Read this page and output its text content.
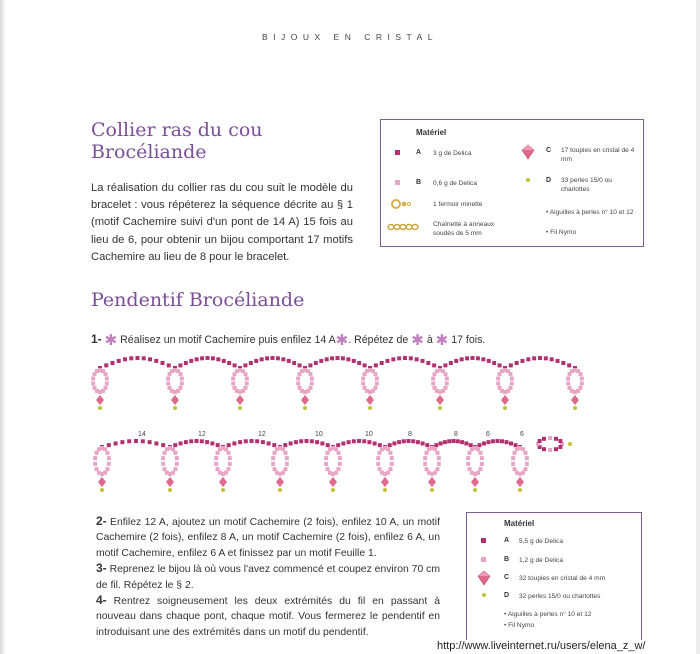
BIJOUX EN CRISTAL
Collier ras du cou
Brocéliande
La réalisation du collier ras du cou suit le modèle du bracelet : vous répéterez la séquence décrite au § 1 (motif Cachemire suivi d'un pont de 14 A) 15 fois au lieu de 6, pour obtenir un bijou comportant 17 motifs Cachemire au lieu de 8 pour le bracelet.
Matériel
A 3 g de Delica
B 0,6 g de Delica
1 fermoir minette
Chaînette à anneaux soudés de 5 mm
C 17 toupies en cristal de 4 mm
D 33 perles 15/0 ou charlottes
• Aiguilles à perles n° 10 et 12
• Fil Nymo
Pendentif Brocéliande
1- ✱ Réalisez un motif Cachemire puis enfilez 14 A✱. Répétez de ✱ à ✱ 17 fois.
14	12	12	10	10	8	8	6	6
Matériel
A 5,5 g de Delica
B 1,2 g de Delica
C 32 toupies en cristal de 4 mm
D 32 perles 15/0 ou charlottes
• Aiguilles à perles n° 10 et 12
• Fil Nymo

2- Enfilez 12 A, ajoutez un motif Cachemire (2 fois), enfilez 10 A, un motif Cachemire (2 fois), enfilez 8 A, un motif Cachemire (2 fois), enfilez 6 A, un motif Cachemire, enfilez 6 A et finissez par un motif Feuille 1.

3- Reprenez le bijou là où vous l'avez commencé et coupez environ 70 cm de fil. Répétez le § 2.

4- Rentrez soigneusement les deux extrémités du fil en passant à nouveau dans chaque pont, chaque motif. Vous fermerez le pendentif en introduisant une des extrémités dans un motif du pendentif.

http://www.liveinternet.ru/users/elena_z_w/
